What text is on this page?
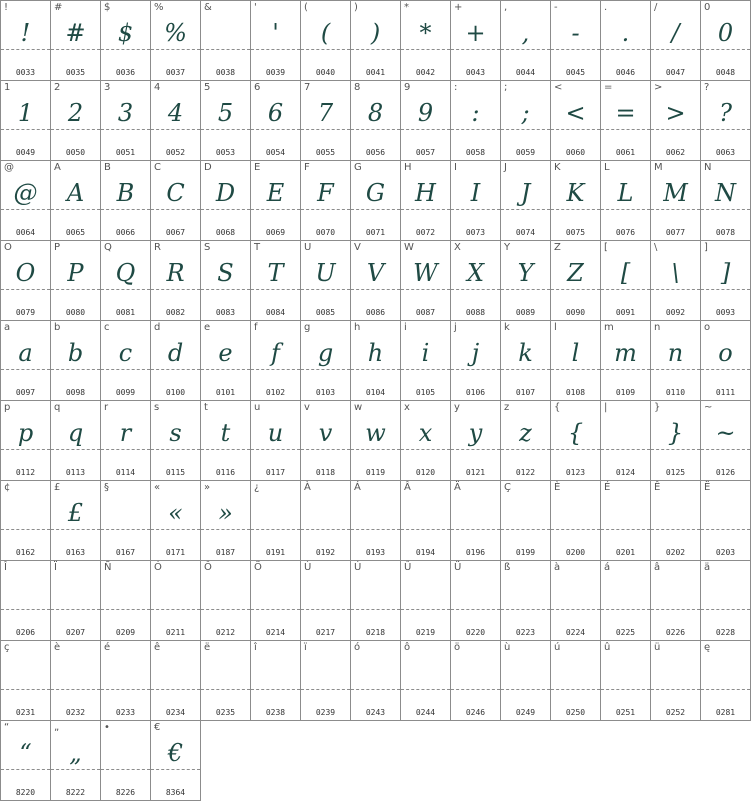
!
!
0033
#
#
0035
$
$
0036
%
%
0037
&
0038
'
'
0039
(
(
0040
)
)
0041
*
*
0042
+
+
0043
,
,
0044
-
-
0045
.
.
0046
/
/
0047
0
0
0048
1
1
0049
2
2
0050
3
3
0051
4
4
0052
5
5
0053
6
6
0054
7
7
0055
8
8
0056
9
9
0057
:
:
0058
;
;
0059
<
<
0060
=
=
0061
>
>
0062
?
?
0063
@
@
0064
A
A
0065
B
B
0066
C
C
0067
D
D
0068
E
E
0069
F
F
0070
G
G
0071
H
H
0072
I
I
0073
J
J
0074
K
K
0075
L
L
0076
M
M
0077
N
N
0078
O
O
0079
P
P
0080
Q
Q
0081
R
R
0082
S
S
0083
T
T
0084
U
U
0085
V
V
0086
W
W
0087
X
X
0088
Y
Y
0089
Z
Z
0090
[
[
0091
\
\
0092
]
]
0093
a
a
0097
b
b
0098
c
c
0099
d
d
0100
e
e
0101
f
f
0102
g
g
0103
h
h
0104
i
i
0105
j
j
0106
k
k
0107
l
l
0108
m
m
0109
n
n
0110
o
o
0111
p
p
0112
q
q
0113
r
r
0114
s
s
0115
t
t
0116
u
u
0117
v
v
0118
w
w
0119
x
x
0120
y
y
0121
z
z
0122
{
{
0123
|
0124
}
}
0125
~
~
0126
¢
0162
£
£
0163
§
0167
«
«
0171
»
»
0187
¿
0191
À
0192
Á
0193
Â
0194
Ä
0196
Ç
0199
È
0200
É
0201
Ê
0202
Ë
0203
Î
0206
Ï
0207
Ñ
0209
Ó
0211
Ô
0212
Ö
0214
Ù
0217
Ú
0218
Û
0219
Ü
0220
ß
0223
à
0224
á
0225
â
0226
ä
0228
ç
0231
è
0232
é
0233
ê
0234
ë
0235
î
0238
ï
0239
ó
0243
ô
0244
ö
0246
ù
0249
ú
0250
û
0251
ü
0252
ę
0281
“
“
8220
„
„
8222
•
8226
€
€
8364
